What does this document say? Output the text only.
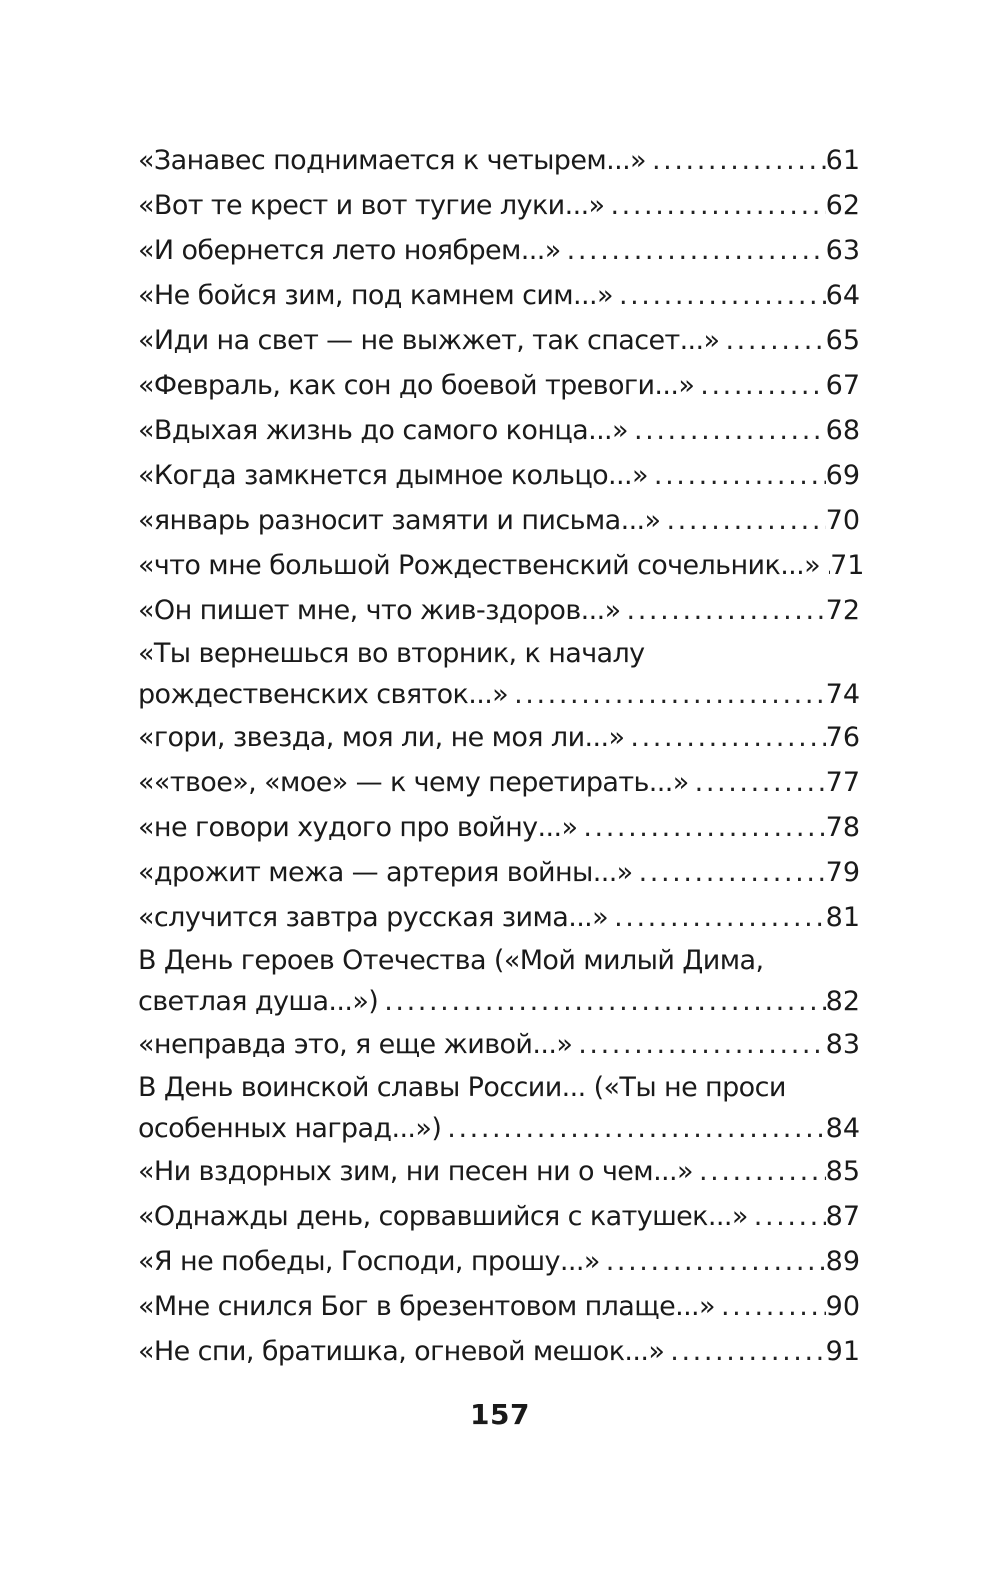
«Занавес поднимается к четырем...» .....	61
«Вот те крест и вот тугие луки...» .....	62
«И обернется лето ноябрем...» .....	63
«Не бойся зим, под камнем сим...» .....	64
«Иди на свет — не выжжет, так спасет...» .....	65
«Февраль, как сон до боевой тревоги...» .....	67
«Вдыхая жизнь до самого конца...» .....	68
«Когда замкнется дымное кольцо...» .....	69
«январь разносит замяти и письма...» .....	70
«что мне большой Рождественский сочельник...» ..... 71
«Он пишет мне, что жив-здоров...» .....	72
«Ты вернешься во вторник, к началу
рождественских святок...» .....	74
«гори, звезда, моя ли, не моя ли...» .....	76
««твое», «мое» — к чему перетирать...» .....	77
«не говори худого про войну...» .....	78
«дрожит межа — артерия войны...» .....	79
«случится завтра русская зима...» .....	81
В День героев Отечества («Мой милый Дима,
светлая душа...») .....	82
«неправда это, я еще живой...» .....	83
В День воинской славы России... («Ты не проси
особенных наград...») .....	84
«Ни вздорных зим, ни песен ни о чем...» .....	85
«Однажды день, сорвавшийся с катушек...» .....	87
«Я не победы, Господи, прошу...» .....	89
«Мне снился Бог в брезентовом плаще...» .....	90
«Не спи, братишка, огневой мешок...» .....	91
157
